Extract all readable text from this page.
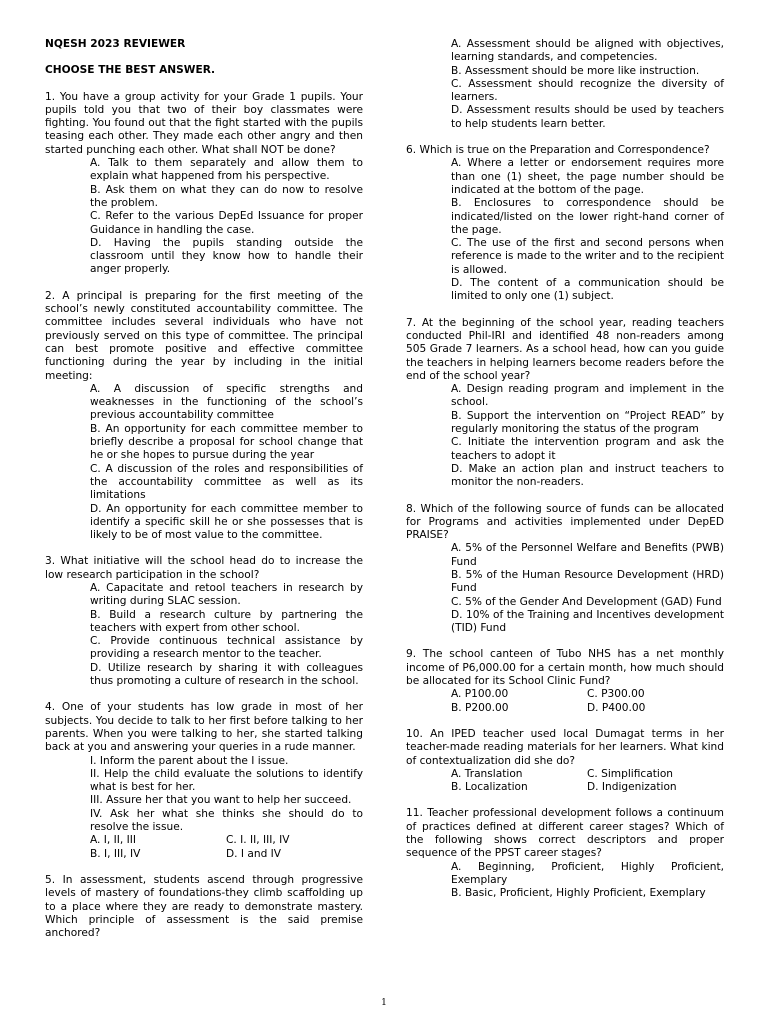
NQESH 2023 REVIEWER

CHOOSE THE BEST ANSWER.

1. You have a group activity for your Grade 1 pupils. Your pupils told you that two of their boy classmates were fighting. You found out that the fight started with the pupils teasing each other. They made each other angry and then started punching each other. What shall NOT be done?

A. Talk to them separately and allow them to explain what happened from his perspective.

B. Ask them on what they can do now to resolve the problem.

C. Refer to the various DepEd Issuance for proper Guidance in handling the case.

D. Having the pupils standing outside the classroom until they know how to handle their anger properly.

2. A principal is preparing for the first meeting of the school’s newly constituted accountability committee. The committee includes several individuals who have not previously served on this type of committee. The principal can best promote positive and effective committee functioning during the year by including in the initial meeting:

A. A discussion of specific strengths and weaknesses in the functioning of the school’s previous accountability committee

B. An opportunity for each committee member to briefly describe a proposal for school change that he or she hopes to pursue during the year

C. A discussion of the roles and responsibilities of the accountability committee as well as its limitations

D. An opportunity for each committee member to identify a specific skill he or she possesses that is likely to be of most value to the committee.

3. What initiative will the school head do to increase the low research participation in the school?

A. Capacitate and retool teachers in research by writing during SLAC session.

B. Build a research culture by partnering the teachers with expert from other school.

C. Provide continuous technical assistance by providing a research mentor to the teacher.

D. Utilize research by sharing it with colleagues thus promoting a culture of research in the school.

4. One of your students has low grade in most of her subjects. You decide to talk to her first before talking to her parents. When you were talking to her, she started talking back at you and answering your queries in a rude manner.

I. Inform the parent about the I issue.

II. Help the child evaluate the solutions to identify what is best for her.

III. Assure her that you want to help her succeed.

IV. Ask her what she thinks she should do to resolve the issue.

A. I, II, III	C. I. II, III, IV
B. I, III, IV	D. I and IV

5. In assessment, students ascend through progressive levels of mastery of foundations-they climb scaffolding up to a place where they are ready to demonstrate mastery. Which principle of assessment is the said premise anchored?

A. Assessment should be aligned with objectives, learning standards, and competencies.

B. Assessment should be more like instruction.

C. Assessment should recognize the diversity of learners.

D. Assessment results should be used by teachers to help students learn better.

6. Which is true on the Preparation and Correspondence?

A. Where a letter or endorsement requires more than one (1) sheet, the page number should be indicated at the bottom of the page.

B. Enclosures to correspondence should be indicated/listed on the lower right-hand corner of the page.

C. The use of the first and second persons when reference is made to the writer and to the recipient is allowed.

D. The content of a communication should be limited to only one (1) subject.

7. At the beginning of the school year, reading teachers conducted Phil-IRI and identified 48 non-readers among 505 Grade 7 learners. As a school head, how can you guide the teachers in helping learners become readers before the end of the school year?

A. Design reading program and implement in the school.

B. Support the intervention on “Project READ” by regularly monitoring the status of the program

C. Initiate the intervention program and ask the teachers to adopt it

D. Make an action plan and instruct teachers to monitor the non-readers.

8. Which of the following source of funds can be allocated for Programs and activities implemented under DepED PRAISE?

A. 5% of the Personnel Welfare and Benefits (PWB) Fund

B. 5% of the Human Resource Development (HRD) Fund

C. 5% of the Gender And Development (GAD) Fund

D. 10% of the Training and Incentives development (TID) Fund

9. The school canteen of Tubo NHS has a net monthly income of P6,000.00 for a certain month, how much should be allocated for its School Clinic Fund?

A. P100.00	C. P300.00
B. P200.00	D. P400.00

10. An IPED teacher used local Dumagat terms in her teacher-made reading materials for her learners. What kind of contextualization did she do?

A. Translation	C. Simplification
B. Localization	D. Indigenization

11. Teacher professional development follows a continuum of practices defined at different career stages? Which of the following shows correct descriptors and proper sequence of the PPST career stages?

A. Beginning, Proficient, Highly Proficient, Exemplary

B. Basic, Proficient, Highly Proficient, Exemplary

1
